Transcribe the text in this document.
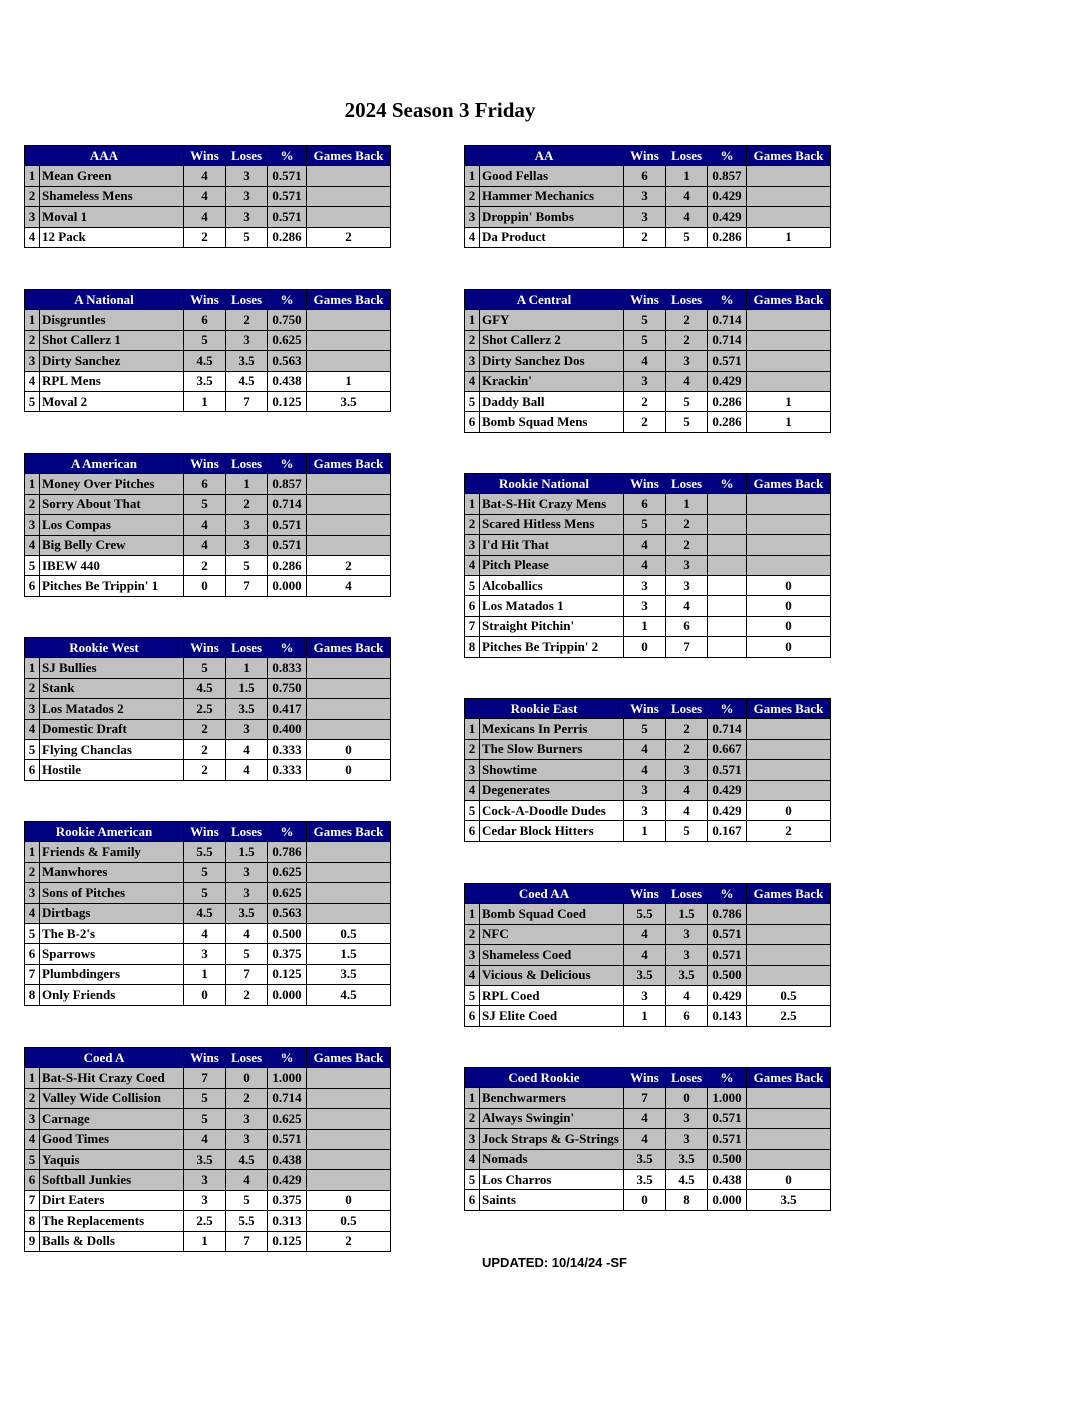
2024 Season 3 Friday
AAA		Wins	Loses	%	Games Back
1	Mean Green	4	3	0.571	
2	Shameless Mens	4	3	0.571	
3	Moval 1	4	3	0.571	
4	12 Pack	2	5	0.286	2
AA		Wins	Loses	%	Games Back
1	Good Fellas	6	1	0.857	
2	Hammer Mechanics	3	4	0.429	
3	Droppin' Bombs	3	4	0.429	
4	Da Product	2	5	0.286	1
A National		Wins	Loses	%	Games Back
1	Disgruntles	6	2	0.750	
2	Shot Callerz 1	5	3	0.625	
3	Dirty Sanchez	4.5	3.5	0.563	
4	RPL Mens	3.5	4.5	0.438	1
5	Moval 2	1	7	0.125	3.5
A Central		Wins	Loses	%	Games Back
1	GFY	5	2	0.714	
2	Shot Callerz 2	5	2	0.714	
3	Dirty Sanchez Dos	4	3	0.571	
4	Krackin'	3	4	0.429	
5	Daddy Ball	2	5	0.286	1
6	Bomb Squad Mens	2	5	0.286	1
A American		Wins	Loses	%	Games Back
1	Money Over Pitches	6	1	0.857	
2	Sorry About That	5	2	0.714	
3	Los Compas	4	3	0.571	
4	Big Belly Crew	4	3	0.571	
5	IBEW 440	2	5	0.286	2
6	Pitches Be Trippin' 1	0	7	0.000	4
Rookie National		Wins	Loses	%	Games Back
1	Bat-S-Hit Crazy Mens	6	1		
2	Scared Hitless Mens	5	2		
3	I'd Hit That	4	2		
4	Pitch Please	4	3		
5	Alcoballics	3	3		0
6	Los Matados 1	3	4		0
7	Straight Pitchin'	1	6		0
8	Pitches Be Trippin' 2	0	7		0
Rookie West		Wins	Loses	%	Games Back
1	SJ Bullies	5	1	0.833	
2	Stank	4.5	1.5	0.750	
3	Los Matados 2	2.5	3.5	0.417	
4	Domestic Draft	2	3	0.400	
5	Flying Chanclas	2	4	0.333	0
6	Hostile	2	4	0.333	0
Rookie East		Wins	Loses	%	Games Back
1	Mexicans In Perris	5	2	0.714	
2	The Slow Burners	4	2	0.667	
3	Showtime	4	3	0.571	
4	Degenerates	3	4	0.429	
5	Cock-A-Doodle Dudes	3	4	0.429	0
6	Cedar Block Hitters	1	5	0.167	2
Rookie American		Wins	Loses	%	Games Back
1	Friends & Family	5.5	1.5	0.786	
2	Manwhores	5	3	0.625	
3	Sons of Pitches	5	3	0.625	
4	Dirtbags	4.5	3.5	0.563	
5	The B-2's	4	4	0.500	0.5
6	Sparrows	3	5	0.375	1.5
7	Plumbdingers	1	7	0.125	3.5
8	Only Friends	0	2	0.000	4.5
Coed AA		Wins	Loses	%	Games Back
1	Bomb Squad Coed	5.5	1.5	0.786	
2	NFC	4	3	0.571	
3	Shameless Coed	4	3	0.571	
4	Vicious & Delicious	3.5	3.5	0.500	
5	RPL Coed	3	4	0.429	0.5
6	SJ Elite Coed	1	6	0.143	2.5
Coed A		Wins	Loses	%	Games Back
1	Bat-S-Hit Crazy Coed	7	0	1.000	
2	Valley Wide Collision	5	2	0.714	
3	Carnage	5	3	0.625	
4	Good Times	4	3	0.571	
5	Yaquis	3.5	4.5	0.438	
6	Softball Junkies	3	4	0.429	
7	Dirt Eaters	3	5	0.375	0
8	The Replacements	2.5	5.5	0.313	0.5
9	Balls & Dolls	1	7	0.125	2
Coed Rookie		Wins	Loses	%	Games Back
1	Benchwarmers	7	0	1.000	
2	Always Swingin'	4	3	0.571	
3	Jock Straps & G-Strings	4	3	0.571	
4	Nomads	3.5	3.5	0.500	
5	Los Charros	3.5	4.5	0.438	0
6	Saints	0	8	0.000	3.5
UPDATED: 10/14/24 -SF
